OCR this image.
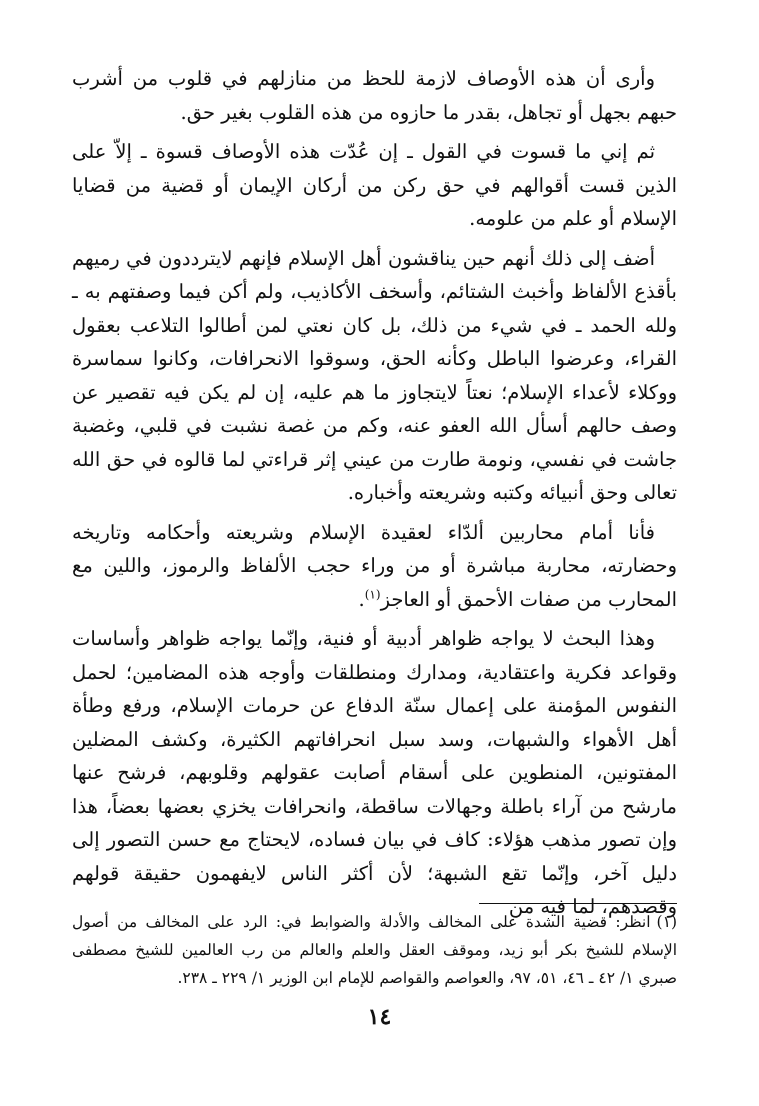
وأرى أن هذه الأوصاف لازمة للحظ من منازلهم في قلوب من أشرب حبهم بجهل أو تجاهل، بقدر ما حازوه من هذه القلوب بغير حق.

ثم إني ما قسوت في القول ـ إن عُدّت هذه الأوصاف قسوة ـ إلاّ على الذين قست أقوالهم في حق ركن من أركان الإيمان أو قضية من قضايا الإسلام أو علم من علومه.

أضف إلى ذلك أنهم حين يناقشون أهل الإسلام فإنهم لايترددون في رميهم بأقذع الألفاظ وأخبث الشتائم، وأسخف الأكاذيب، ولم أكن فيما وصفتهم به ـ ولله الحمد ـ في شيء من ذلك، بل كان نعتي لمن أطالوا التلاعب بعقول القراء، وعرضوا الباطل وكأنه الحق، وسوقوا الانحرافات، وكانوا سماسرة ووكلاء لأعداء الإسلام؛ نعتاً لايتجاوز ما هم عليه، إن لم يكن فيه تقصير عن وصف حالهم أسأل الله العفو عنه، وكم من غصة نشبت في قلبي، وغضبة جاشت في نفسي، ونومة طارت من عيني إثر قراءتي لما قالوه في حق الله تعالى وحق أنبيائه وكتبه وشريعته وأخباره.

فأنا أمام محاربين ألدّاء لعقيدة الإسلام وشريعته وأحكامه وتاريخه وحضارته، محاربة مباشرة أو من وراء حجب الألفاظ والرموز، واللين مع المحارب من صفات الأحمق أو العاجز$^{(١)}$.

وهذا البحث لا يواجه ظواهر أدبية أو فنية، وإنّما يواجه ظواهر وأساسات وقواعد فكرية واعتقادية، ومدارك ومنطلقات وأوجه هذه المضامين؛ لحمل النفوس المؤمنة على إعمال سنّة الدفاع عن حرمات الإسلام، ورفع وطأة أهل الأهواء والشبهات، وسد سبل انحرافاتهم الكثيرة، وكشف المضلين المفتونين، المنطوين على أسقام أصابت عقولهم وقلوبهم، فرشح عنها مارشح من آراء باطلة وجهالات ساقطة، وانحرافات يخزي بعضها بعضاً، هذا وإن تصور مذهب هؤلاء: كاف في بيان فساده، لايحتاج مع حسن التصور إلى دليل آخر، وإنّما تقع الشبهة؛ لأن أكثر الناس لايفهمون حقيقة قولهم وقصدهم، لما فيه من

(١)انظر: قضية الشدة على المخالف والأدلة والضوابط في: الرد على المخالف من أصول الإسلام للشيخ بكر أبو زيد، وموقف العقل والعلم والعالم من رب العالمين للشيخ مصطفى صبري ١/ ٤٢ ـ ٤٦، ٥١، ٩٧، والعواصم والقواصم للإمام ابن الوزير ١/ ٢٢٩ ـ ٢٣٨.

١٤
